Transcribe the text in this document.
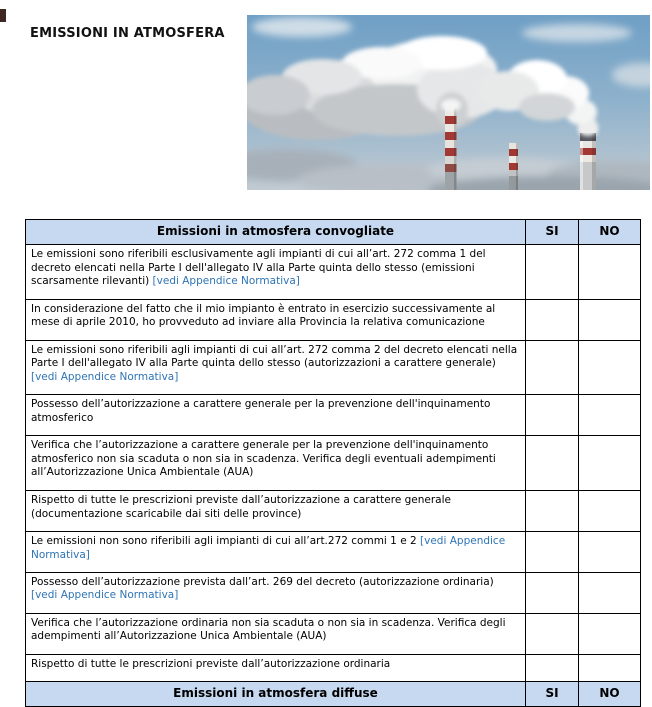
EMISSIONI IN ATMOSFERA
Emissioni in atmosfera convogliate	SI	NO
Le emissioni sono riferibili esclusivamente agli impianti di cui all’art. 272 comma 1 del decreto elencati nella Parte I dell'allegato IV alla Parte quinta dello stesso (emissioni scarsamente rilevanti) [vedi Appendice Normativa]		
In considerazione del fatto che il mio impianto è entrato in esercizio successivamente al mese di aprile 2010, ho provveduto ad inviare alla Provincia la relativa comunicazione		
Le emissioni sono riferibili agli impianti di cui all’art. 272 comma 2 del decreto elencati nella Parte I dell'allegato IV alla Parte quinta dello stesso (autorizzazioni a carattere generale) [vedi Appendice Normativa]		
Possesso dell’autorizzazione a carattere generale per la prevenzione dell'inquinamento atmosferico		
Verifica che l’autorizzazione a carattere generale per la prevenzione dell'inquinamento atmosferico non sia scaduta o non sia in scadenza. Verifica degli eventuali adempimenti all’Autorizzazione Unica Ambientale (AUA)		
Rispetto di tutte le prescrizioni previste dall’autorizzazione a carattere generale (documentazione scaricabile dai siti delle province)		
Le emissioni non sono riferibili agli impianti di cui all’art.272 commi 1 e 2 [vedi Appendice Normativa]		
Possesso dell’autorizzazione prevista dall’art. 269 del decreto (autorizzazione ordinaria) [vedi Appendice Normativa]		
Verifica che l’autorizzazione ordinaria non sia scaduta o non sia in scadenza. Verifica degli adempimenti all’Autorizzazione Unica Ambientale (AUA)		
Rispetto di tutte le prescrizioni previste dall’autorizzazione ordinaria		
Emissioni in atmosfera diffuse	SI	NO
